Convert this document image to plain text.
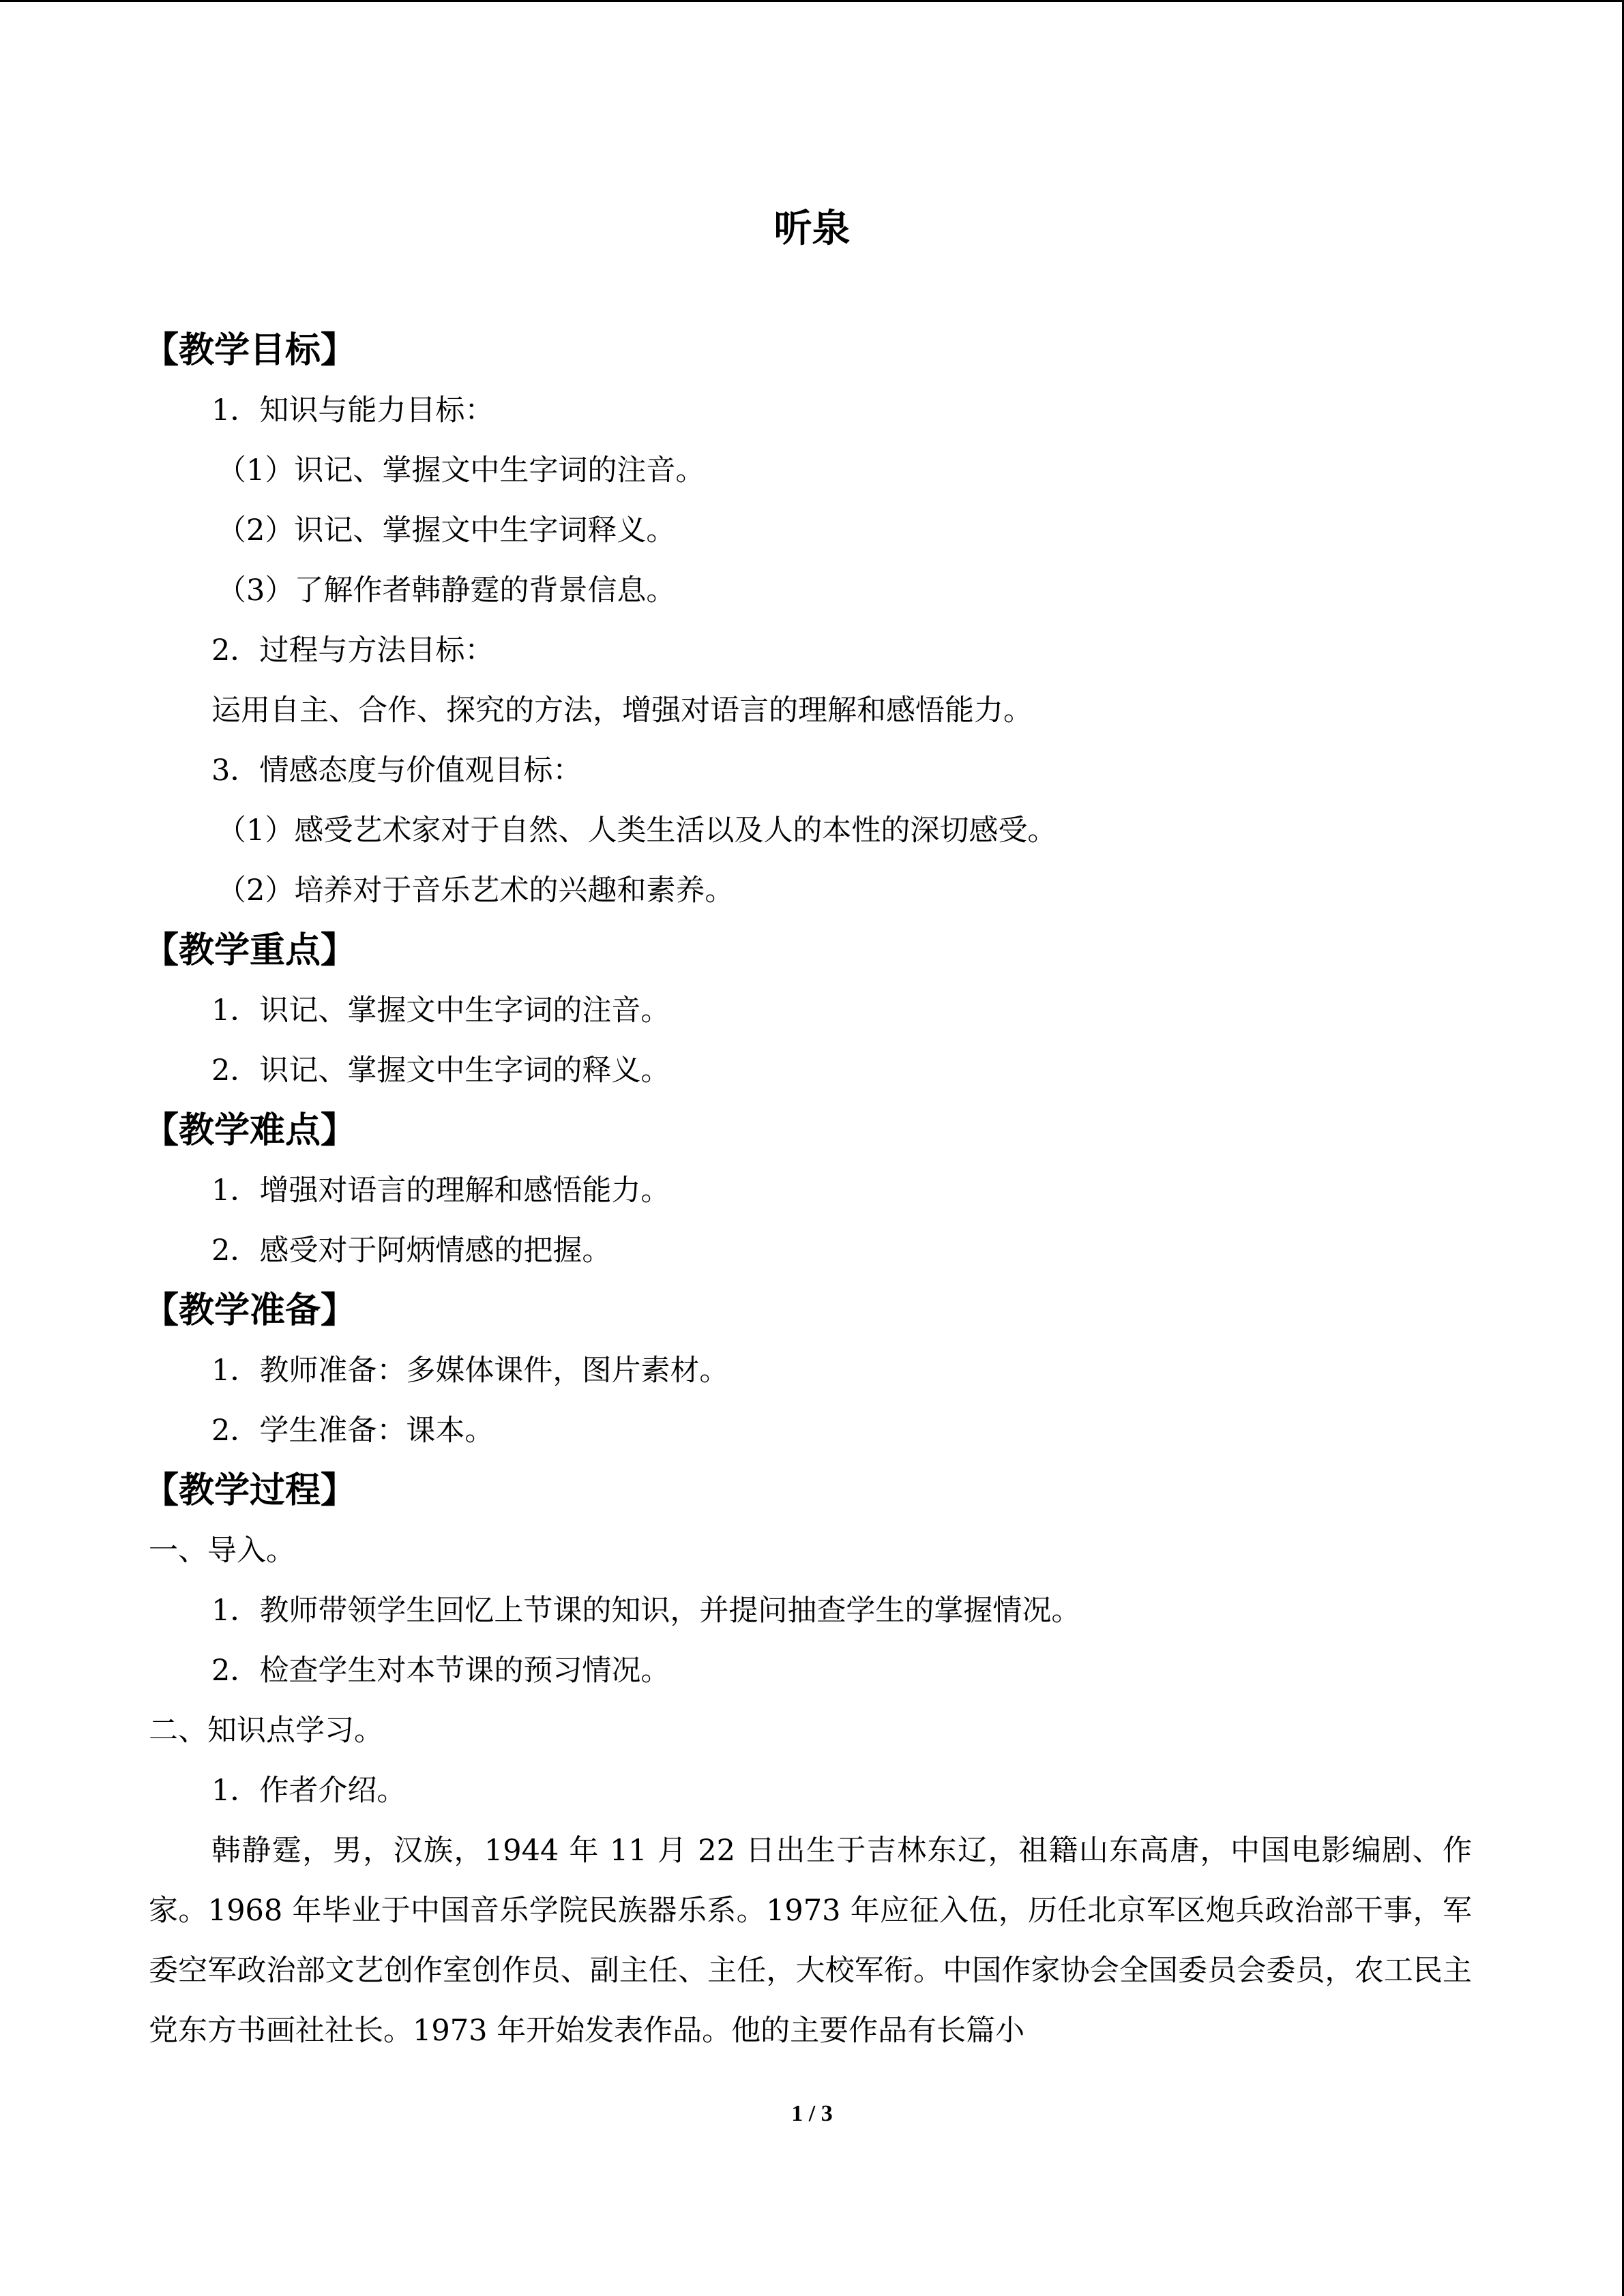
听泉
【教学目标】
1．知识与能力目标：
（1）识记、掌握文中生字词的注音。
（2）识记、掌握文中生字词释义。
（3）了解作者韩静霆的背景信息。
2．过程与方法目标：
运用自主、合作、探究的方法，增强对语言的理解和感悟能力。
3．情感态度与价值观目标：
（1）感受艺术家对于自然、人类生活以及人的本性的深切感受。
（2）培养对于音乐艺术的兴趣和素养。
【教学重点】
1．识记、掌握文中生字词的注音。
2．识记、掌握文中生字词的释义。
【教学难点】
1．增强对语言的理解和感悟能力。
2．感受对于阿炳情感的把握。
【教学准备】
1．教师准备：多媒体课件，图片素材。
2．学生准备：课本。
【教学过程】
一、导入。
1．教师带领学生回忆上节课的知识，并提问抽查学生的掌握情况。
2．检查学生对本节课的预习情况。
二、知识点学习。
1．作者介绍。
韩静霆，男，汉族，1944 年 11 月 22 日出生于吉林东辽，祖籍山东高唐，中国电影编剧、作家。1968 年毕业于中国音乐学院民族器乐系。1973 年应征入伍，历任北京军区炮兵政治部干事，军委空军政治部文艺创作室创作员、副主任、主任，大校军衔。中国作家协会全国委员会委员，农工民主党东方书画社社长。1973 年开始发表作品。他的主要作品有长篇小
1 / 3
